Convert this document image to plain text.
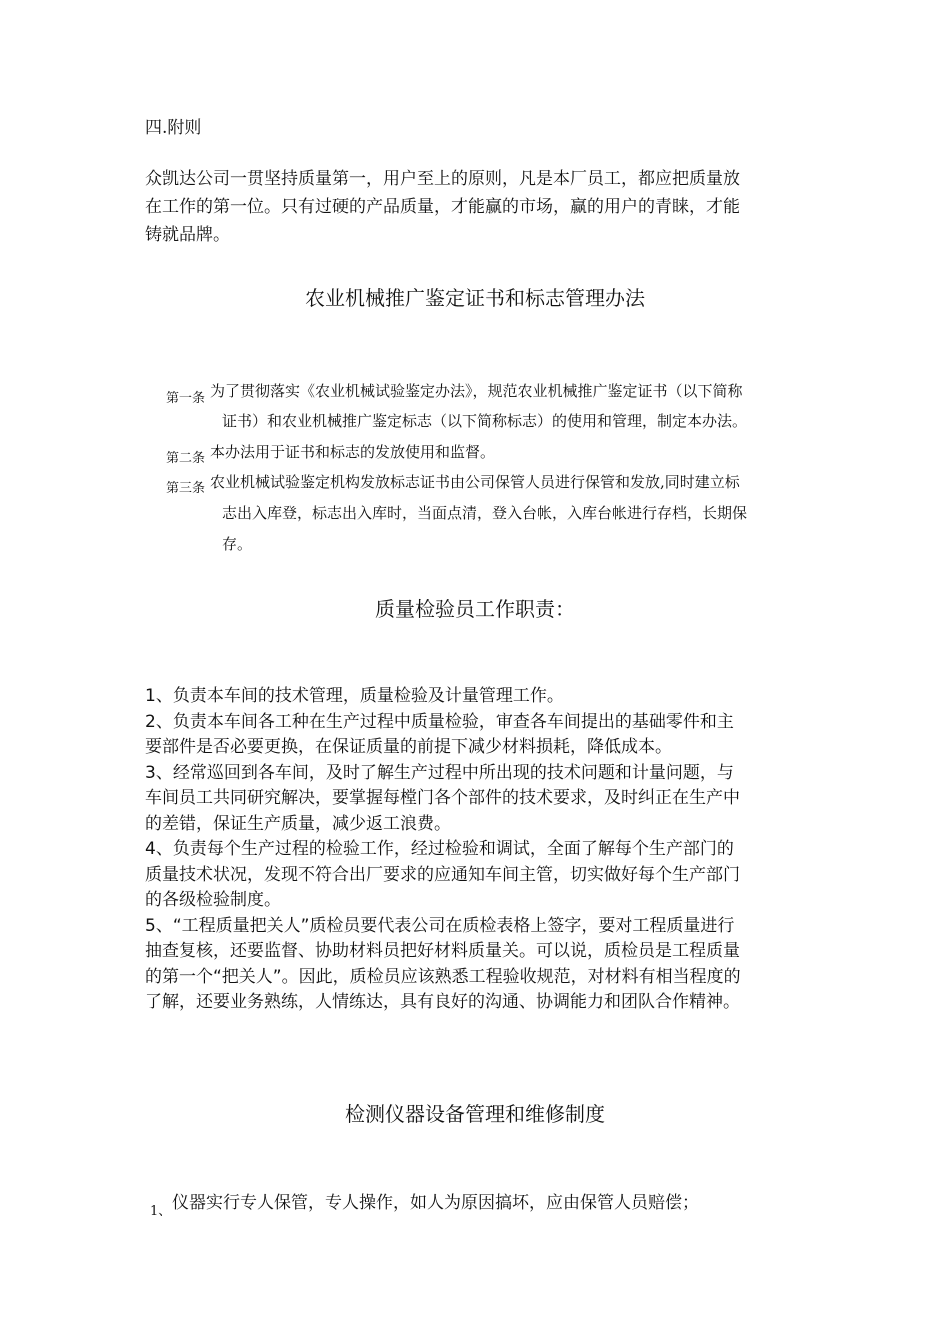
四.附则

众凯达公司一贯坚持质量第一，用户至上的原则，凡是本厂员工，都应把质量放

在工作的第一位。只有过硬的产品质量，才能赢的市场，赢的用户的青睐，才能

铸就品牌。

农业机械推广鉴定证书和标志管理办法
第一条 为了贯彻落实《农业机械试验鉴定办法》，规范农业机械推广鉴定证书（以下简称

证书）和农业机械推广鉴定标志（以下简称标志）的使用和管理，制定本办法。

第二条 本办法用于证书和标志的发放使用和监督。

第三条 农业机械试验鉴定机构发放标志证书由公司保管人员进行保管和发放,同时建立标

志出入库登，标志出入库时，当面点清，登入台帐，入库台帐进行存档，长期保

存。

质量检验员工作职责：
1、负责本车间的技术管理，质量检验及计量管理工作。
2、负责本车间各工种在生产过程中质量检验，审查各车间提出的基础零件和主
要部件是否必要更换，在保证质量的前提下减少材料损耗，降低成本。
3、经常巡回到各车间，及时了解生产过程中所出现的技术问题和计量问题，与
车间员工共同研究解决，要掌握每樘门各个部件的技术要求，及时纠正在生产中
的差错，保证生产质量，减少返工浪费。
4、负责每个生产过程的检验工作，经过检验和调试，全面了解每个生产部门的
质量技术状况，发现不符合出厂要求的应通知车间主管，切实做好每个生产部门
的各级检验制度。
5、“工程质量把关人”质检员要代表公司在质检表格上签字，要对工程质量进行
抽查复核，还要监督、协助材料员把好材料质量关。可以说，质检员是工程质量
的第一个“把关人”。因此，质检员应该熟悉工程验收规范，对材料有相当程度的
了解，还要业务熟练，人情练达，具有良好的沟通、协调能力和团队合作精神。
检测仪器设备管理和维修制度
1、 仪器实行专人保管，专人操作，如人为原因搞坏，应由保管人员赔偿；
